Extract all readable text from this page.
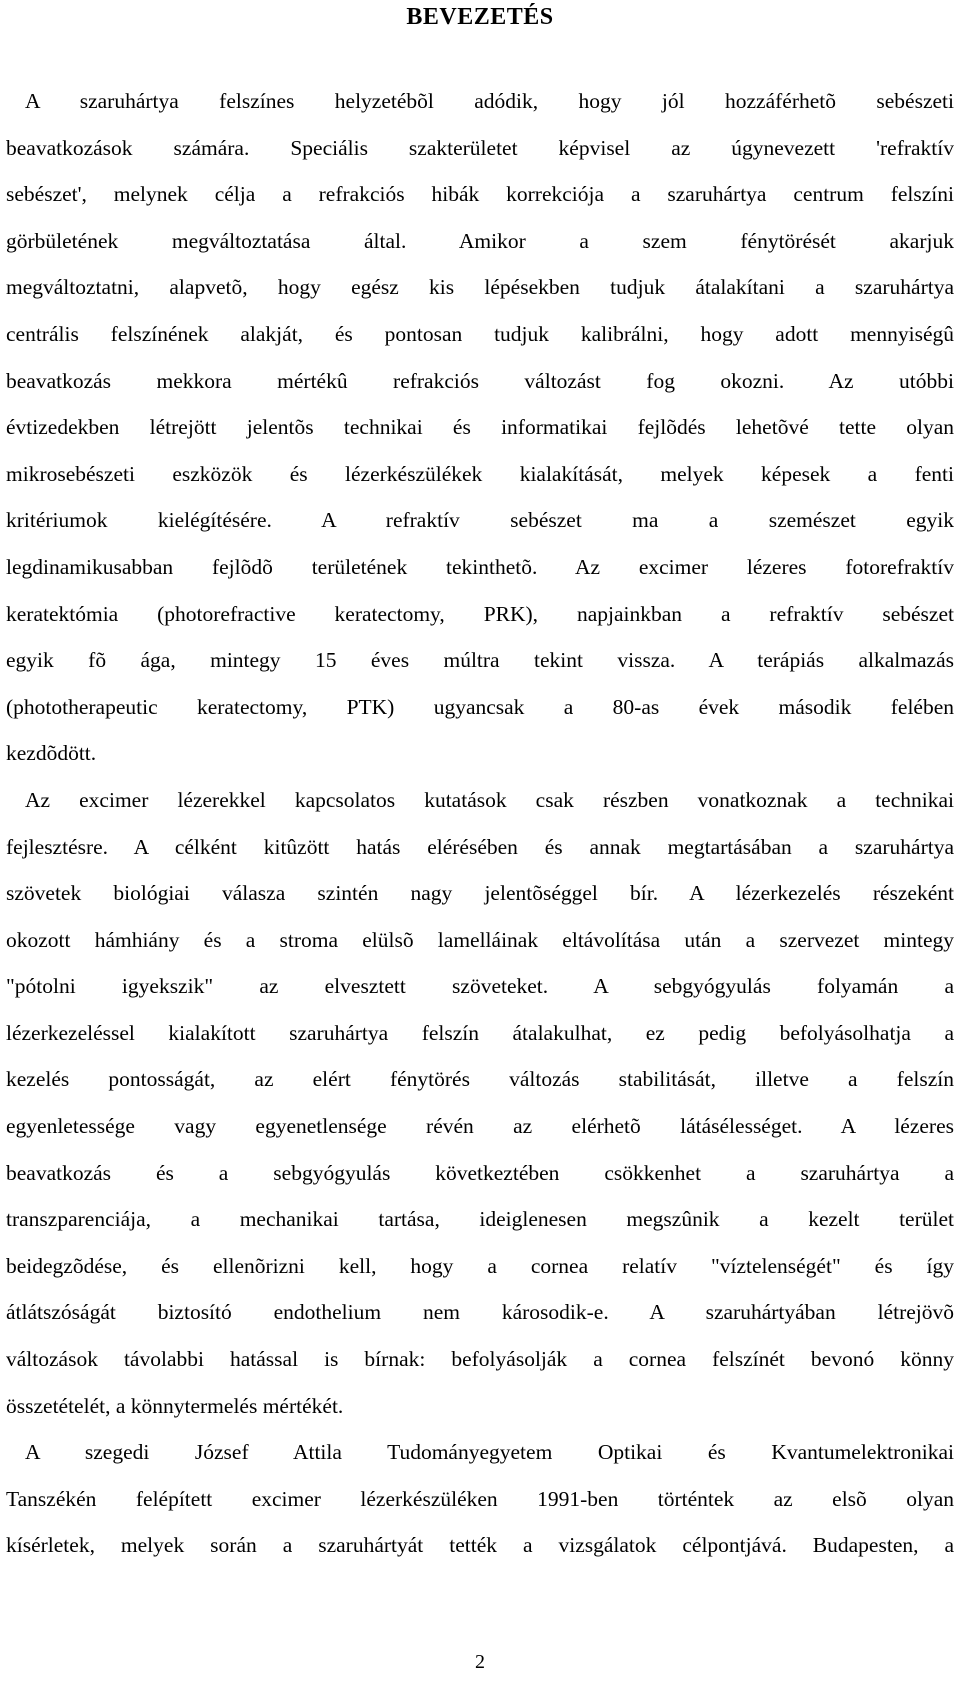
BEVEZETÉS
A szaruhártya felszínes helyzetébõl adódik, hogy jól hozzáférhetõ sebészeti
beavatkozások számára. Speciális szakterületet képvisel az úgynevezett 'refraktív
sebészet', melynek célja a refrakciós hibák korrekciója a szaruhártya centrum felszíni
görbületének megváltoztatása által. Amikor a szem fénytörését akarjuk
megváltoztatni, alapvetõ, hogy egész kis lépésekben tudjuk átalakítani a szaruhártya
centrális felszínének alakját, és pontosan tudjuk kalibrálni, hogy adott mennyiségû
beavatkozás mekkora mértékû refrakciós változást fog okozni. Az utóbbi
évtizedekben létrejött jelentõs technikai és informatikai fejlõdés lehetõvé tette olyan
mikrosebészeti eszközök és lézerkészülékek kialakítását, melyek képesek a fenti
kritériumok kielégítésére. A refraktív sebészet ma a szemészet egyik
legdinamikusabban fejlõdõ területének tekinthetõ. Az excimer lézeres fotorefraktív
keratektómia (photorefractive keratectomy, PRK), napjainkban a refraktív sebészet
egyik fõ ága, mintegy 15 éves múltra tekint vissza. A terápiás alkalmazás
(phototherapeutic keratectomy, PTK) ugyancsak a 80-as évek második felében
kezdõdött.
Az excimer lézerekkel kapcsolatos kutatások csak részben vonatkoznak a technikai
fejlesztésre. A célként kitûzött hatás elérésében és annak megtartásában a szaruhártya
szövetek biológiai válasza szintén nagy jelentõséggel bír. A lézerkezelés részeként
okozott hámhiány és a stroma elülsõ lamelláinak eltávolítása után a szervezet mintegy
"pótolni igyekszik" az elvesztett szöveteket. A sebgyógyulás folyamán a
lézerkezeléssel kialakított szaruhártya felszín átalakulhat, ez pedig befolyásolhatja a
kezelés pontosságát, az elért fénytörés változás stabilitását, illetve a felszín
egyenletessége vagy egyenetlensége révén az elérhetõ látásélességet. A lézeres
beavatkozás és a sebgyógyulás következtében csökkenhet a szaruhártya a
transzparenciája, a mechanikai tartása, ideiglenesen megszûnik a kezelt terület
beidegzõdése, és ellenõrizni kell, hogy a cornea relatív "víztelenségét" és így
átlátszóságát biztosító endothelium nem károsodik-e. A szaruhártyában létrejövõ
változások távolabbi hatással is bírnak: befolyásolják a cornea felszínét bevonó könny
összetételét, a könnytermelés mértékét.
A szegedi József Attila Tudományegyetem Optikai és Kvantumelektronikai
Tanszékén felépített excimer lézerkészüléken 1991-ben történtek az elsõ olyan
kísérletek, melyek során a szaruhártyát tették a vizsgálatok célpontjává. Budapesten, a
2
